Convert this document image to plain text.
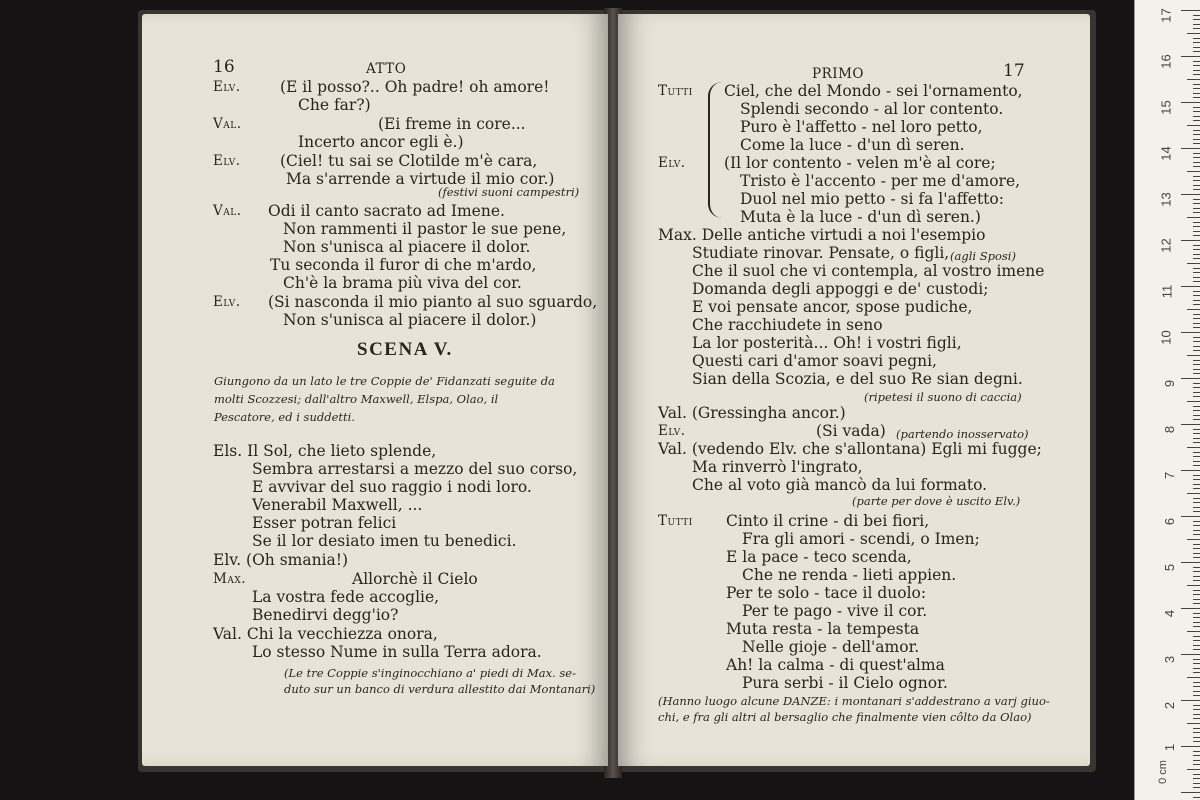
16	ATTO
Elv.	(E il posso?.. Oh padre! oh amore!
Che far?)
Val.	(Ei freme in core...
Incerto ancor egli è.)
Elv.	(Ciel! tu sai se Clotilde m'è cara,
Ma s'arrende a virtude il mio cor.)
(festivi suoni campestri)
Val. Odi il canto sacrato ad Imene.
Non rammenti il pastor le sue pene,
Non s'unisca al piacere il dolor.
Tu seconda il furor di che m'ardo,
Ch'è la brama più viva del cor.
Elv. (Si nasconda il mio pianto al suo sguardo,
Non s'unisca al piacere il dolor.)
SCENA V.
Giungono da un lato le tre Coppie de' Fidanzati seguite da
molti Scozzesi; dall'altro Maxwell, Elspa, Olao, il
Pescatore, ed i suddetti.
Els. Il Sol, che lieto splende,
Sembra arrestarsi a mezzo del suo corso,
E avvivar del suo raggio i nodi loro.
Venerabil Maxwell, ...
Esser potran felici
Se il lor desiato imen tu benedici.
Elv. (Oh smania!)
Max.	Allorchè il Cielo
La vostra fede accoglie,
Benedirvi degg'io?
Val. Chi la vecchiezza onora,
Lo stesso Nume in sulla Terra adora.
(Le tre Coppie s'inginocchiano a' piedi di Max. se-
duto sur un banco di verdura allestito dai Montanari)
PRIMO	17
Tutti Ciel, che del Mondo - sei l'ornamento,
Splendi secondo - al lor contento.
Puro è l'affetto - nel loro petto,
Come la luce - d'un dì seren.
Elv. (Il lor contento - velen m'è al core;
Tristo è l'accento - per me d'amore,
Duol nel mio petto - si fa l'affetto:
Muta è la luce - d'un dì seren.)
Max. Delle antiche virtudi a noi l'esempio
Studiate rinovar. Pensate, o figli, (agli Sposi)
Che il suol che vi contempla, al vostro imene
Domanda degli appoggi e de' custodi;
E voi pensate ancor, spose pudiche,
Che racchiudete in seno
La lor posterità... Oh! i vostri figli,
Questi cari d'amor soavi pegni,
Sian della Scozia, e del suo Re sian degni.
(ripetesi il suono di caccia)
Val. (Gressingha ancor.)
Elv.	(Si vada) (partendo inosservato)
Val. (vedendo Elv. che s'allontana) Egli mi fugge;
Ma rinverrò l'ingrato,
Che al voto già mancò da lui formato.
(parte per dove è uscito Elv.)
Tutti Cinto il crine - di bei fiori,
Fra gli amori - scendi, o Imen;
E la pace - teco scenda,
Che ne renda - lieti appien.
Per te solo - tace il duolo:
Per te pago - vive il cor.
Muta resta - la tempesta
Nelle gioje - dell'amor.
Ah! la calma - di quest'alma
Pura serbi - il Cielo ognor.
(Hanno luogo alcune DANZE: i montanari s'addestrano a varj giuo-
chi, e fra gli altri al bersaglio che finalmente vien côlto da Olao)
17
16
15
14
13
12
11
10
9
8
7
6
5
4
3
2
1
0 cm
